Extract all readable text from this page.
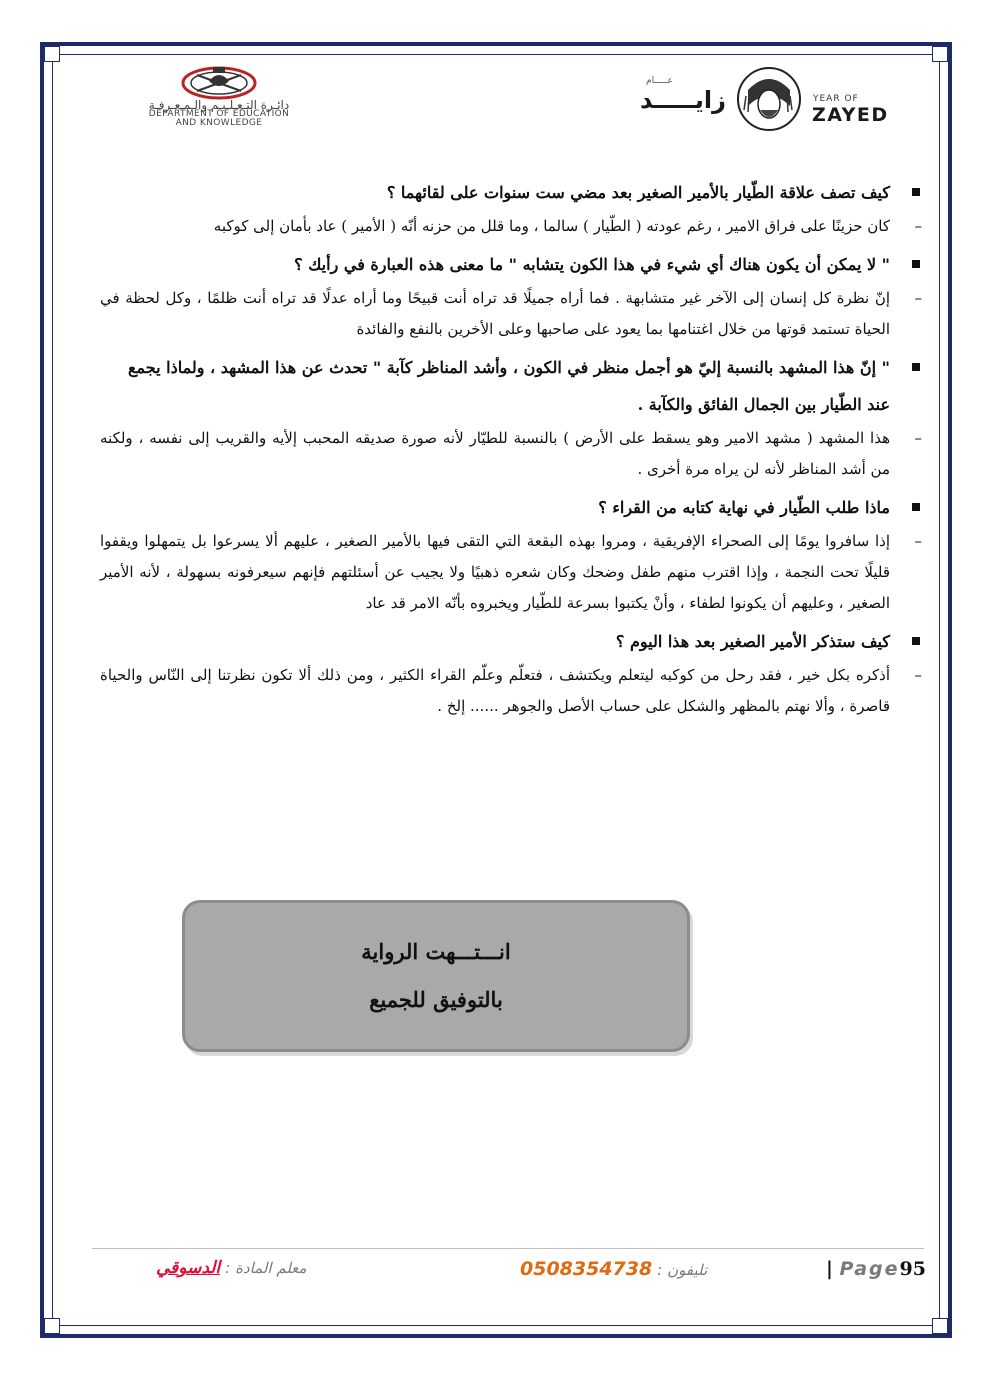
دائـرة التـعـلـيـم والـمـعـرفـة
DEPARTMENT OF EDUCATION
AND KNOWLEDGE
عـــــام
زايـــــد	YEAR OF
ZAYED
كيف تصف علاقة الطّيار بالأمير الصغير بعد مضي ست سنوات على لقائهما ؟
–
كان حزينًا على فراق الامير ، رغم عودته ( الطّيار ) سالما ، وما قلل من حزنه أنّه ( الأمير ) عاد بأمان إلى كوكبه
" لا يمكن أن يكون هناك أي شيء في هذا الكون يتشابه " ما معنى هذه العبارة في رأيك ؟
–
إنّ نظرة كل إنسان إلى الآخر غير متشابهة . فما أراه جميلًا قد تراه أنت قبيحًا وما أراه عدلًا قد تراه أنت ظلمًا ، وكل لحظة في الحياة تستمد قوتها من خلال اغتنامها بما يعود على صاحبها وعلى الأخرين بالنفع والفائدة
" إنّ هذا المشهد بالنسبة إليّ هو أجمل منظر في الكون ، وأشد المناظر كآبة " تحدث عن هذا المشهد ، ولماذا يجمع عند الطّيار بين الجمال الفائق والكآبة .
–
هذا المشهد ( مشهد الامير وهو يسقط على الأرض ) بالنسبة للطيّار لأنه صورة صديقه المحبب إلأيه والقريب إلى نفسه ، ولكنه من أشد المناظر لأنه لن يراه مرة أخرى .
ماذا طلب الطّيار في نهاية كتابه من القراء ؟
–
إذا سافروا يومًا إلى الصحراء الإفريقية ، ومروا بهذه البقعة التي التقى فيها بالأمير الصغير ، عليهم ألا يسرعوا بل يتمهلوا ويقفوا قليلًا تحت النجمة ، وإذا اقترب منهم طفل وضحك وكان شعره ذهبيًا ولا يجيب عن أسئلتهم فإنهم سيعرفونه بسهولة ، لأنه الأمير الصغير ، وعليهم أن يكونوا لطفاء ، وأنْ يكتبوا بسرعة للطّيار ويخبروه بأنّه الامر قد عاد
كيف ستذكر الأمير الصغير بعد هذا اليوم ؟
–
أذكره بكل خير ، فقد رحل من كوكبه ليتعلم ويكتشف ، فتعلّم وعلّم القراء الكثير ، ومن ذلك ألا تكون نظرتنا إلى النّاس والحياة قاصرة ، وألا نهتم بالمظهر والشكل على حساب الأصل والجوهر ...... إلخ .
انـــتـــهت الرواية
بالتوفيق للجميع
| Page95
تليفون : 0508354738
معلم المادة : الدسوقي
